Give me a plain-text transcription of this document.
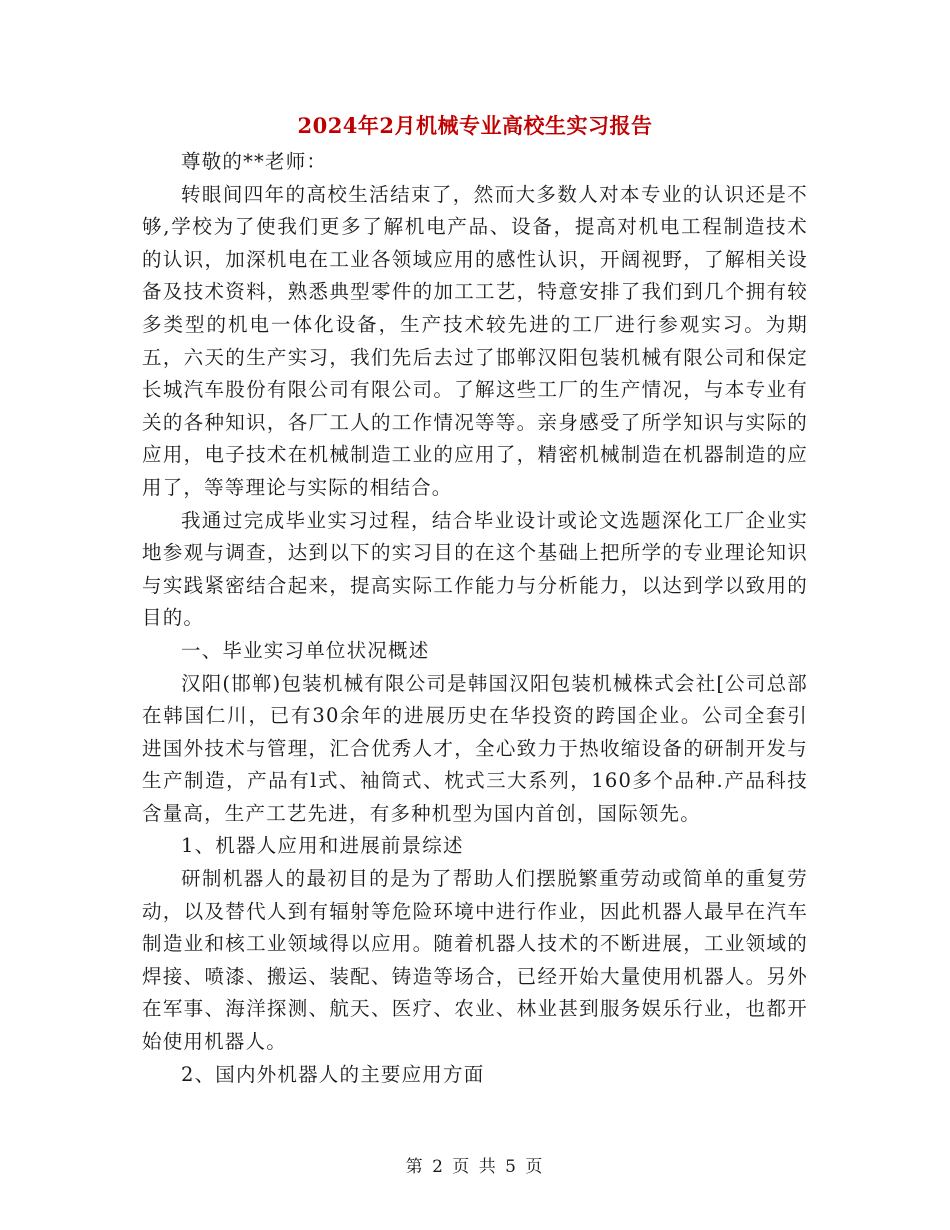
2024年2月机械专业高校生实习报告

尊敬的**老师：

转眼间四年的高校生活结束了，然而大多数人对本专业的认识还是不够,学校为了使我们更多了解机电产品、设备，提高对机电工程制造技术的认识，加深机电在工业各领域应用的感性认识，开阔视野，了解相关设备及技术资料，熟悉典型零件的加工工艺，特意安排了我们到几个拥有较多类型的机电一体化设备，生产技术较先进的工厂进行参观实习。为期五，六天的生产实习，我们先后去过了邯郸汉阳包装机械有限公司和保定长城汽车股份有限公司有限公司。了解这些工厂的生产情况，与本专业有关的各种知识，各厂工人的工作情况等等。亲身感受了所学知识与实际的应用，电子技术在机械制造工业的应用了，精密机械制造在机器制造的应用了，等等理论与实际的相结合。

我通过完成毕业实习过程，结合毕业设计或论文选题深化工厂企业实地参观与调查，达到以下的实习目的在这个基础上把所学的专业理论知识与实践紧密结合起来，提高实际工作能力与分析能力，以达到学以致用的目的。

一、毕业实习单位状况概述

汉阳(邯郸)包装机械有限公司是韩国汉阳包装机械株式会社[公司总部在韩国仁川，已有30余年的进展历史在华投资的跨国企业。公司全套引进国外技术与管理，汇合优秀人才，全心致力于热收缩设备的研制开发与生产制造，产品有l式、袖筒式、枕式三大系列，160多个品种.产品科技含量高，生产工艺先进，有多种机型为国内首创，国际领先。

1、机器人应用和进展前景综述

研制机器人的最初目的是为了帮助人们摆脱繁重劳动或简单的重复劳动，以及替代人到有辐射等危险环境中进行作业，因此机器人最早在汽车制造业和核工业领域得以应用。随着机器人技术的不断进展，工业领域的焊接、喷漆、搬运、装配、铸造等场合，已经开始大量使用机器人。另外在军事、海洋探测、航天、医疗、农业、林业甚到服务娱乐行业，也都开始使用机器人。

2、国内外机器人的主要应用方面

第 2 页 共 5 页
